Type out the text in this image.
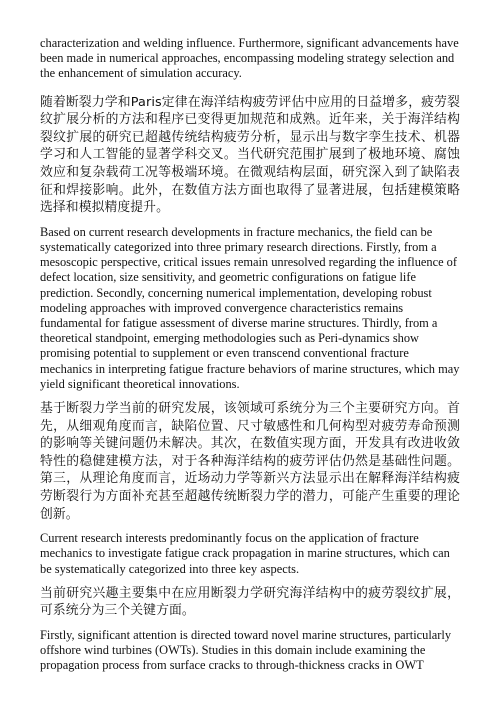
characterization and welding influence. Furthermore, significant advancements have been made in numerical approaches, encompassing modeling strategy selection and the enhancement of simulation accuracy.

随着断裂力学和Paris定律在海洋结构疲劳评估中应用的日益增多，疲劳裂纹扩展分析的方法和程序已变得更加规范和成熟。近年来，关于海洋结构裂纹扩展的研究已超越传统结构疲劳分析，显示出与数字孪生技术、机器学习和人工智能的显著学科交叉。当代研究范围扩展到了极地环境、腐蚀效应和复杂载荷工况等极端环境。在微观结构层面，研究深入到了缺陷表征和焊接影响。此外，在数值方法方面也取得了显著进展，包括建模策略选择和模拟精度提升。

Based on current research developments in fracture mechanics, the field can be systematically categorized into three primary research directions. Firstly, from a mesoscopic perspective, critical issues remain unresolved regarding the influence of defect location, size sensitivity, and geometric configurations on fatigue life prediction. Secondly, concerning numerical implementation, developing robust modeling approaches with improved convergence characteristics remains fundamental for fatigue assessment of diverse marine structures. Thirdly, from a theoretical standpoint, emerging methodologies such as Peri-dynamics show promising potential to supplement or even transcend conventional fracture mechanics in interpreting fatigue fracture behaviors of marine structures, which may yield significant theoretical innovations.

基于断裂力学当前的研究发展，该领域可系统分为三个主要研究方向。首先，从细观角度而言，缺陷位置、尺寸敏感性和几何构型对疲劳寿命预测的影响等关键问题仍未解决。其次，在数值实现方面，开发具有改进收敛特性的稳健建模方法，对于各种海洋结构的疲劳评估仍然是基础性问题。第三，从理论角度而言，近场动力学等新兴方法显示出在解释海洋结构疲劳断裂行为方面补充甚至超越传统断裂力学的潜力，可能产生重要的理论创新。

Current research interests predominantly focus on the application of fracture mechanics to investigate fatigue crack propagation in marine structures, which can be systematically categorized into three key aspects.

当前研究兴趣主要集中在应用断裂力学研究海洋结构中的疲劳裂纹扩展，可系统分为三个关键方面。

Firstly, significant attention is directed toward novel marine structures, particularly offshore wind turbines (OWTs). Studies in this domain include examining the propagation process from surface cracks to through-thickness cracks in OWT
